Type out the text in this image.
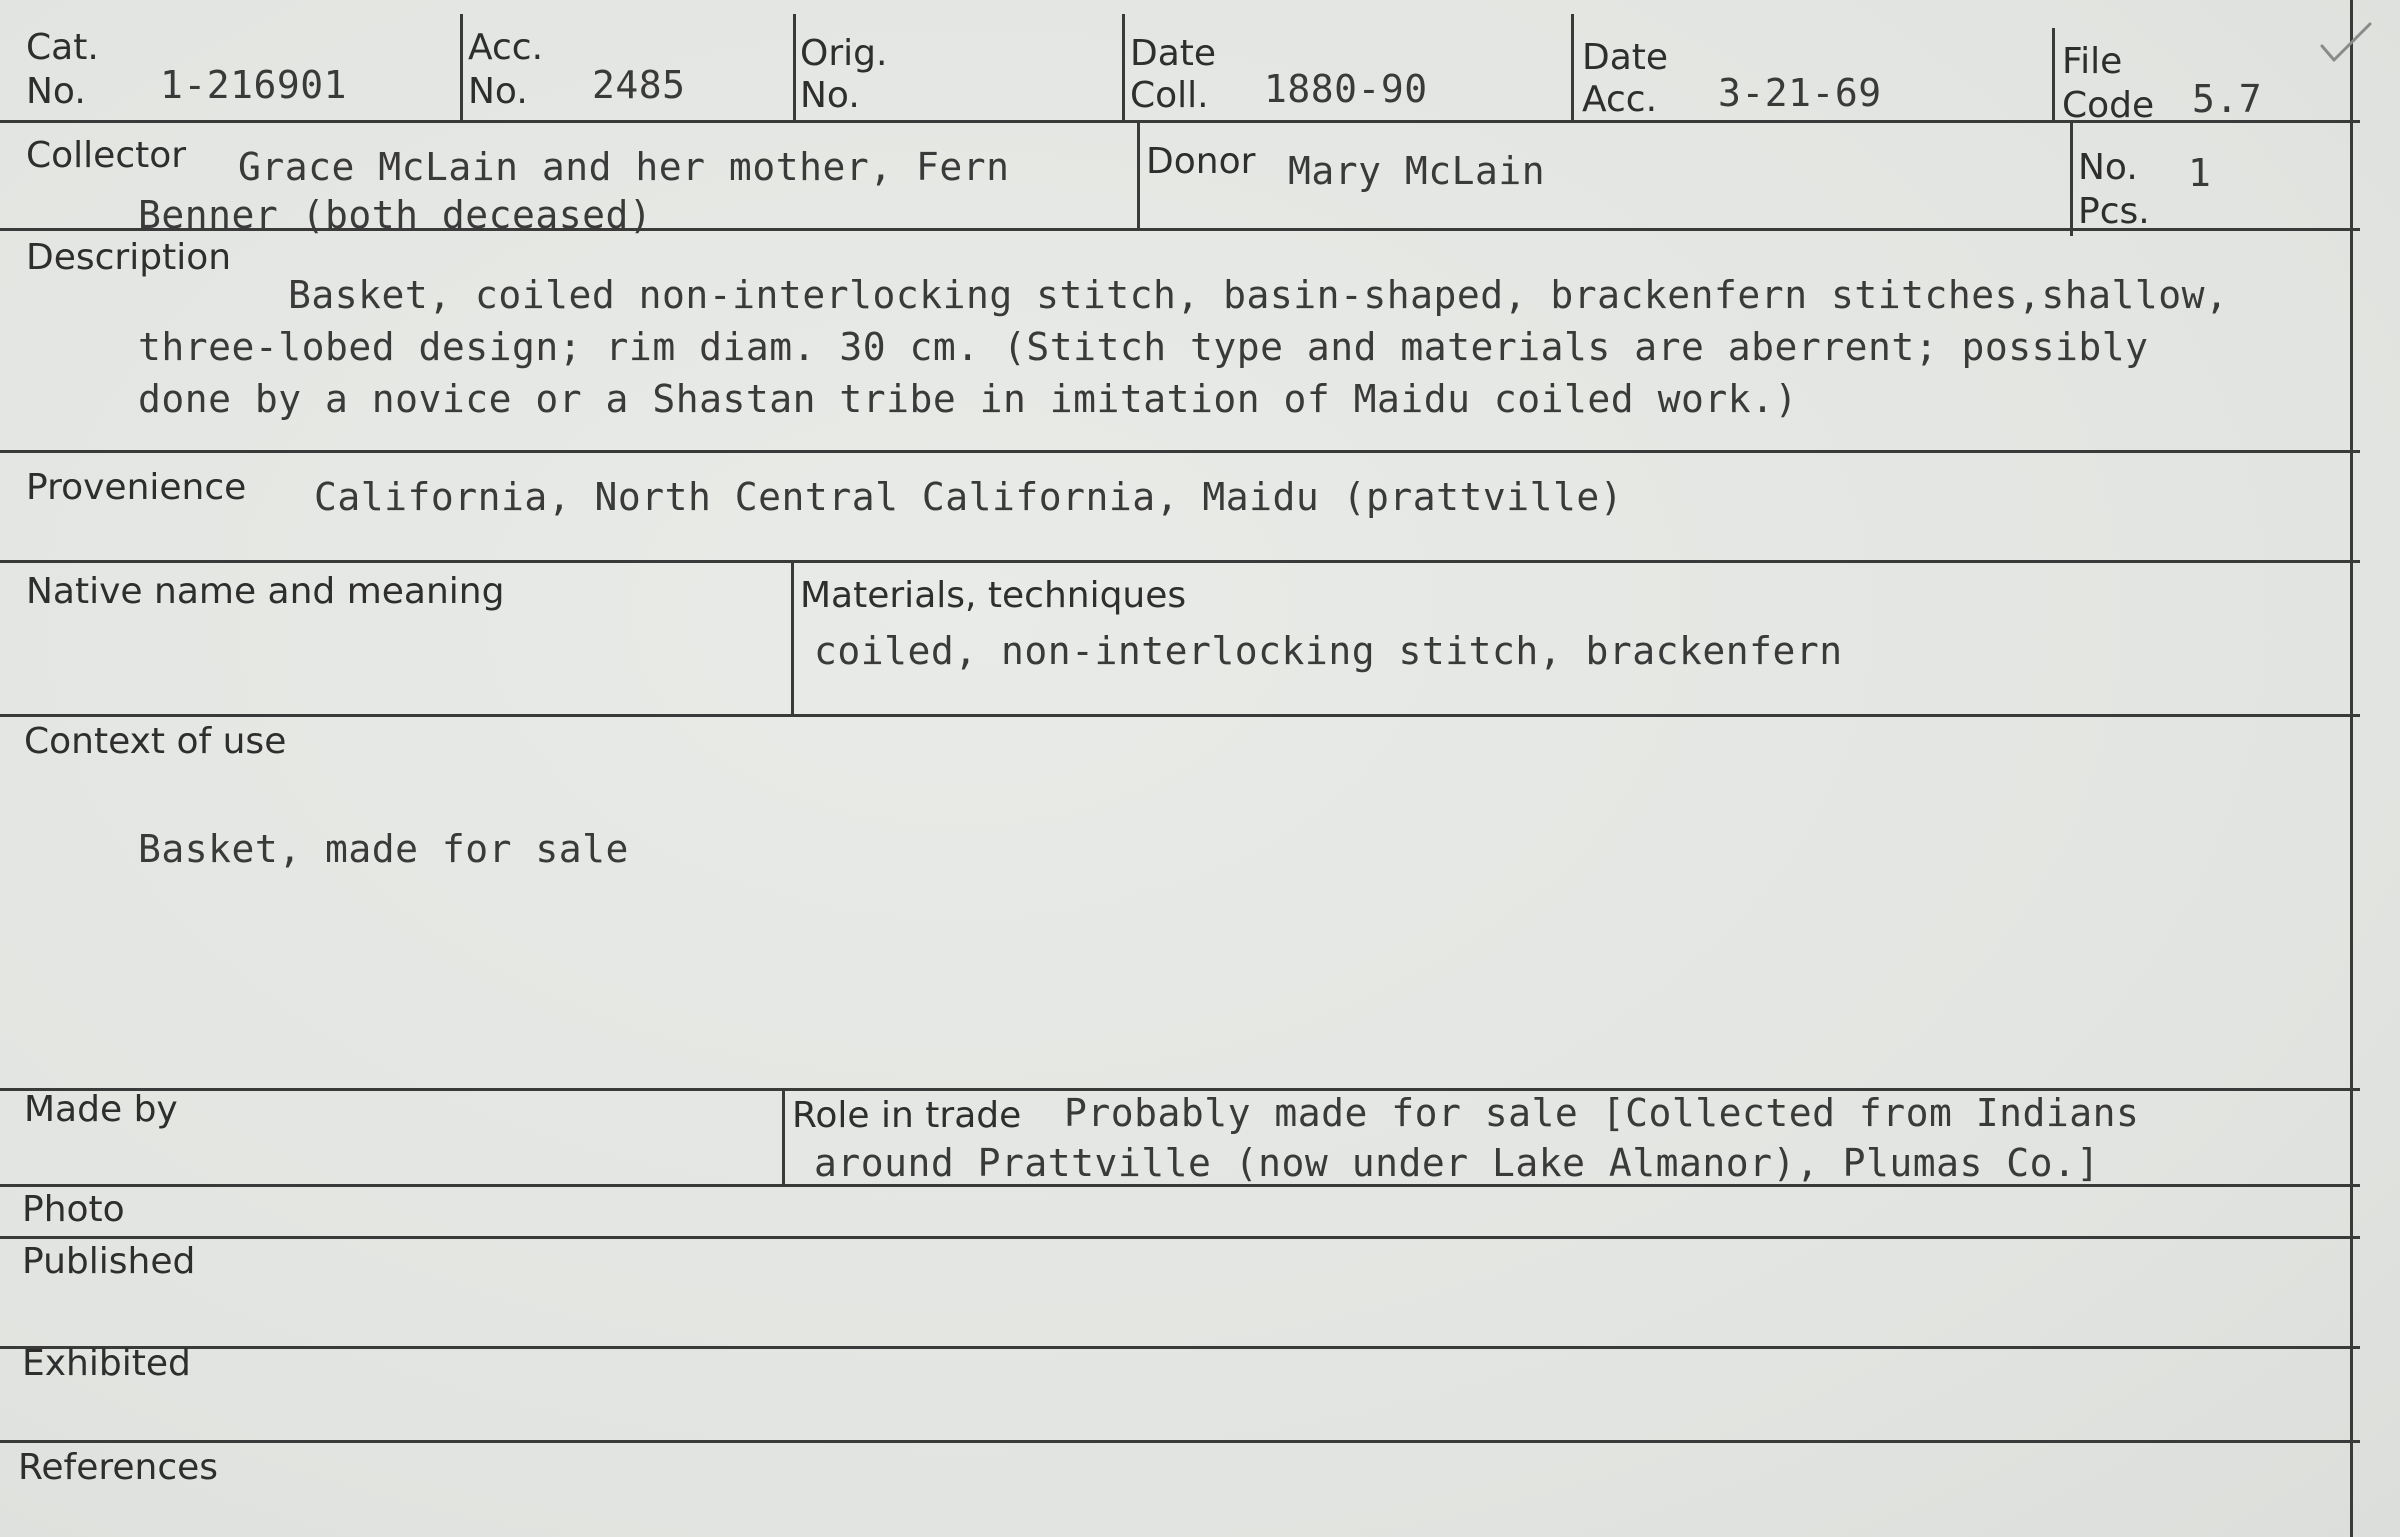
Cat.
No. 1-216901
Acc.
No. 2485
Orig.
No.
Date
Coll. 1880-90
Date
Acc. 3-21-69
File
Code 5.7
Collector Grace McLain and her mother, Fern
Benner (both deceased)
Donor Mary McLain	No.
Pcs.
1
Description
Basket, coiled non-interlocking stitch, basin-shaped, brackenfern stitches,shallow,
three-lobed design; rim diam. 30 cm. (Stitch type and materials are aberrent; possibly
done by a novice or a Shastan tribe in imitation of Maidu coiled work.)
Provenience California, North Central California, Maidu (prattville)
Native name and meaning	Materials, techniques
coiled, non-interlocking stitch, brackenfern
Context of use
Basket, made for sale
Made by	Role in trade Probably made for sale [Collected from Indians
around Prattville (now under Lake Almanor), Plumas Co.]
Photo
Published
Exhibited
References
